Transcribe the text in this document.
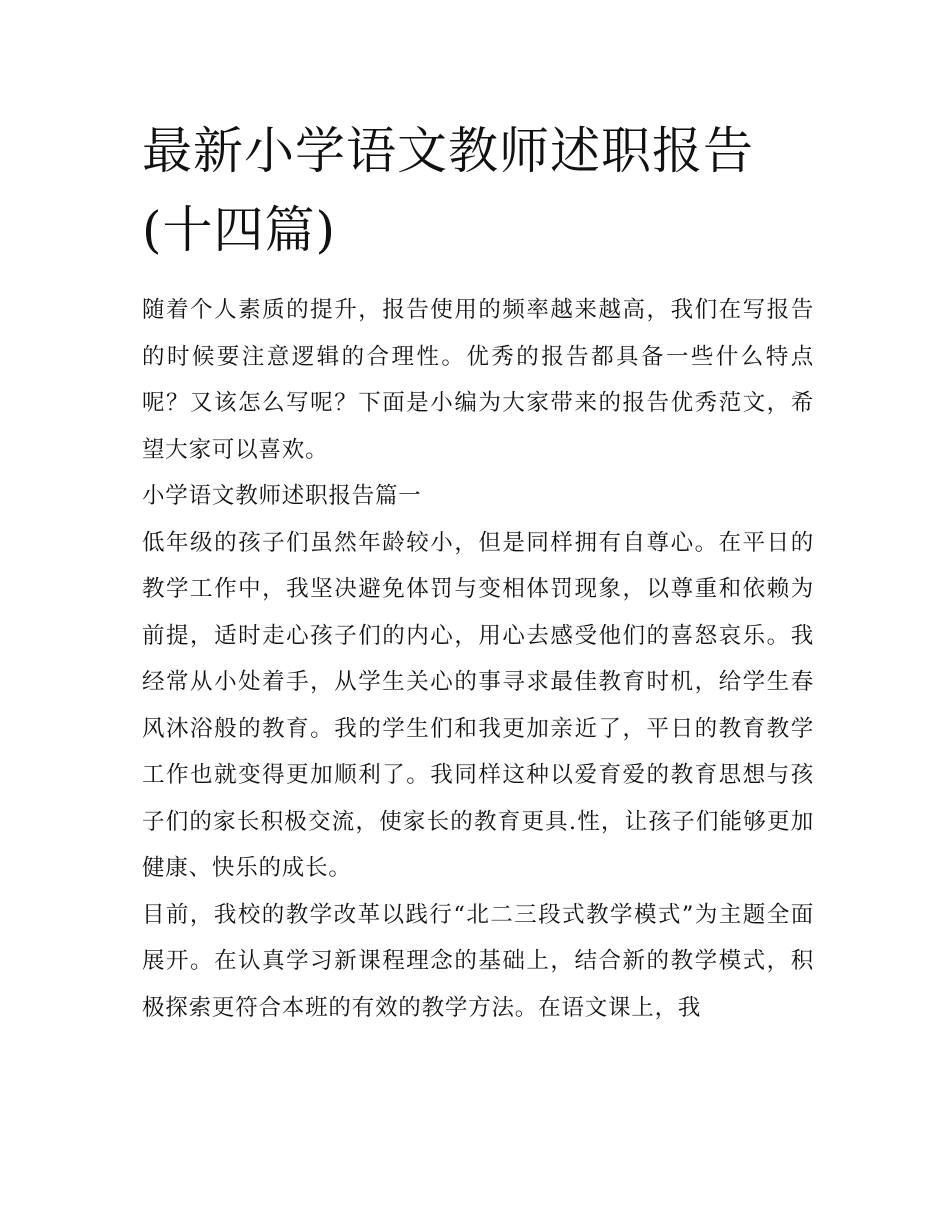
最新小学语文教师述职报告(十四篇)

随着个人素质的提升，报告使用的频率越来越高，我们在写报告的时候要注意逻辑的合理性。优秀的报告都具备一些什么特点呢？又该怎么写呢？下面是小编为大家带来的报告优秀范文，希望大家可以喜欢。

小学语文教师述职报告篇一

低年级的孩子们虽然年龄较小，但是同样拥有自尊心。在平日的教学工作中，我坚决避免体罚与变相体罚现象，以尊重和依赖为前提，适时走心孩子们的内心，用心去感受他们的喜怒哀乐。我经常从小处着手，从学生关心的事寻求最佳教育时机，给学生春风沐浴般的教育。我的学生们和我更加亲近了，平日的教育教学工作也就变得更加顺利了。我同样这种以爱育爱的教育思想与孩子们的家长积极交流，使家长的教育更具.性，让孩子们能够更加健康、快乐的成长。

目前，我校的教学改革以践行“北二三段式教学模式”为主题全面展开。在认真学习新课程理念的基础上，结合新的教学模式，积极探索更符合本班的有效的教学方法。在语文课上，我
